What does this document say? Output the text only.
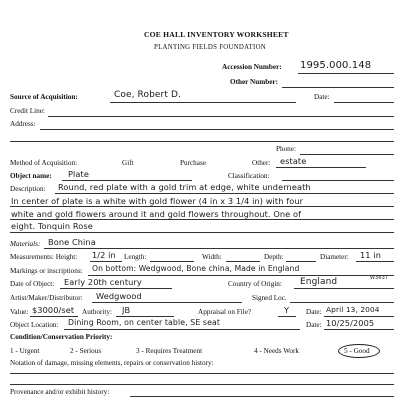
COE HALL INVENTORY WORKSHEET
PLANTING FIELDS FOUNDATION
Accession Number: 1995.000.148
Other Number:
Source of Acquisition:	Coe, Robert D.	Date:
Credit Line:
Address:
Phone:
Method of Acquisition:	Gift	Purchase	Other: estate
Object name: Plate	Classification:
Description: Round, red plate with a gold trim at edge, white underneath
In center of plate is a white with gold flower (4 in x 3 1/4 in) with four
white and gold flowers around it and gold flowers throughout. One of
eight. Tonquin Rose
Materials: Bone China
Measurements: Height: 1/2 in Length:	Width:	Depth:	Diameter: 11 in
Markings or inscriptions: On bottom: Wedgwood, Bone china, Made in England
W3637
Date of Object: Early 20th century	Country of Origin: England
Artist/Maker/Distributor: Wedgwood	Signed Loc.
Value: $3000/set Authority: JB	Appraisal on File?	Y Date: April 13, 2004
Object Location: Dining Room, on center table, SE seat	Date: 10/25/2005
Condition/Conservation Priority:
1 - Urgent	2 - Serious	3 - Requires Treatment	4 - Needs Work	5 - Good
Notation of damage, missing elements, repairs or conservation history:
Provenance and/or exhibit history:
